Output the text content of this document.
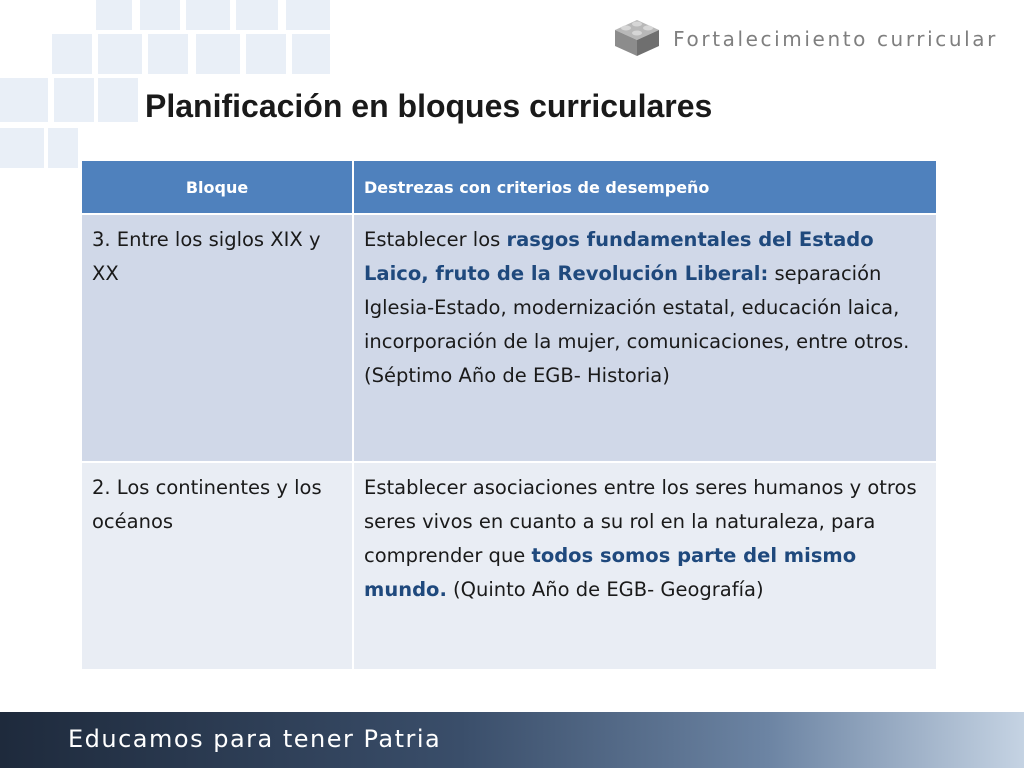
Fortalecimiento curricular
Planificación en bloques curriculares
Bloque	Destrezas con criterios de desempeño
3. Entre los siglos XIX y XX	Establecer los rasgos fundamentales del Estado Laico, fruto de la Revolución Liberal: separación Iglesia-Estado, modernización estatal, educación laica, incorporación de la mujer, comunicaciones, entre otros. (Séptimo Año de EGB- Historia)
2. Los continentes y los océanos	Establecer asociaciones entre los seres humanos y otros seres vivos en cuanto a su rol en la naturaleza, para comprender que todos somos parte del mismo mundo. (Quinto Año de EGB- Geografía)
Educamos para tener Patria
